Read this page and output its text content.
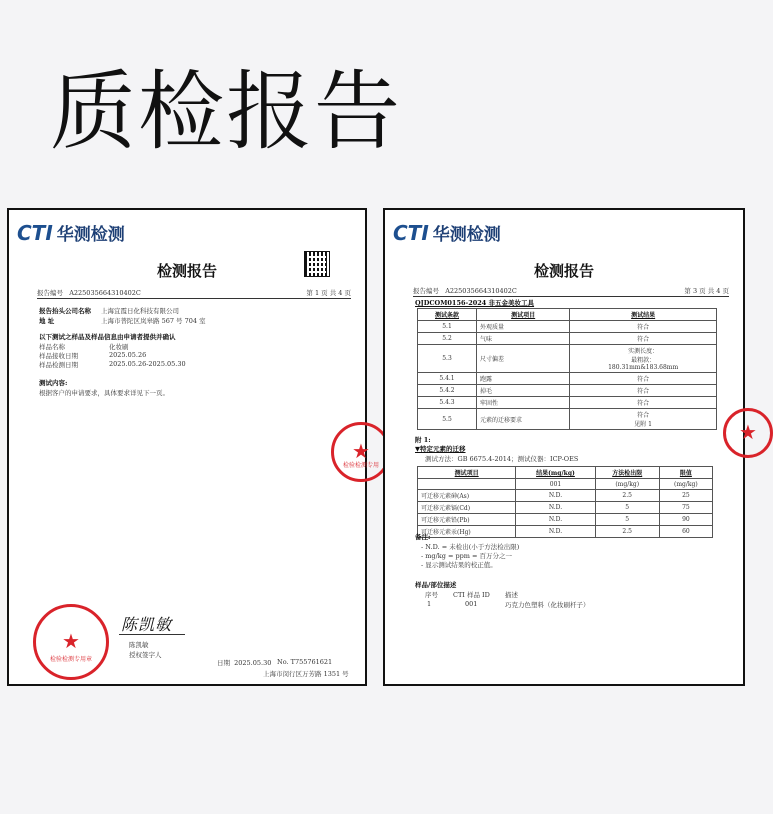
质检报告
CTI 华测检测
检测报告
报告编号 A225035664310402C	第 1 页 共 4 页
报告抬头公司名称 上海宜霞日化科技有限公司
地 址	上海市普陀区岚皋路 567 号 704 室
以下测试之样品及样品信息由申请者提供并确认
样品名称	化妆刷
样品接收日期	2025.05.26
样品检测日期	2025.05.26-2025.05.30
测试内容:
根据客户的申请要求，具体要求详见下一页。
★
检验检测专用
陈凯敏
陈凯敏
授权签字人
★
检验检测专用章	日期 2025.05.30 No. T755761621
上海市闵行区万芳路 1351 号
CTI 华测检测
检测报告
报告编号 A225035664310402C	第 3 页 共 4 页
QJDCOM0156-2024 非五金美妆工具
测试条款	测试项目	测试结果
5.1	外观质量	符合
5.2	气味	符合
5.3	尺寸偏差	实测长度：
最粗款：
180.31mm&183.68mm
5.4.1	跑露	符合
5.4.2	掉毛	符合
5.4.3	牢固性	符合
5.5	元素的迁移要求	符合
见附 1
附 1:
▼特定元素的迁移
测试方法：GB 6675.4-2014；测试仪器：ICP-OES
测试项目	结果(mg/kg)	方法检出限	限值
	001	(mg/kg)	(mg/kg)
可迁移元素砷(As)	N.D.	2.5	25
可迁移元素镉(Cd)	N.D.	5	75
可迁移元素铅(Pb)	N.D.	5	90
可迁移元素汞(Hg)	N.D.	2.5	60
备注:
- N.D. = 未检出(小于方法检出限)
- mg/kg = ppm = 百万分之一
- 显示测试结果的校正值。
样品/部位描述
序号 CTI 样品 ID 描述
1	001	巧克力色塑料（化妆刷杆子）
★
